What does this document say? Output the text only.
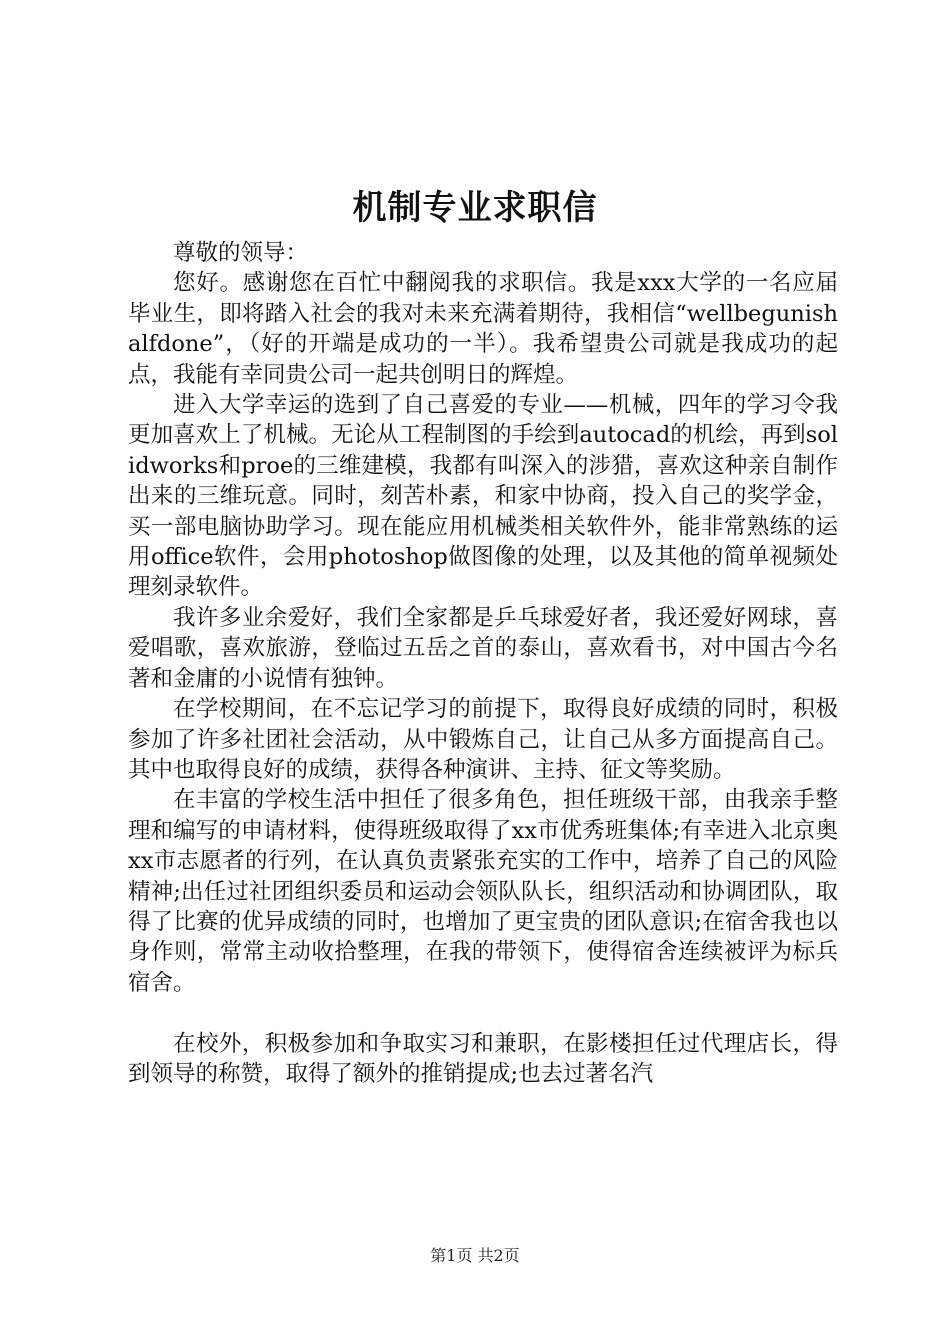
机制专业求职信

尊敬的领导：

您好。感谢您在百忙中翻阅我的求职信。我是xxx大学的一名应届毕业生，即将踏入社会的我对未来充满着期待，我相信“wellbegunishalfdone”，（好的开端是成功的一半）。我希望贵公司就是我成功的起点，我能有幸同贵公司一起共创明日的辉煌。

进入大学幸运的选到了自己喜爱的专业——机械，四年的学习令我更加喜欢上了机械。无论从工程制图的手绘到autocad的机绘，再到solidworks和proe的三维建模，我都有叫深入的涉猎，喜欢这种亲自制作出来的三维玩意。同时，刻苦朴素，和家中协商，投入自己的奖学金，买一部电脑协助学习。现在能应用机械类相关软件外，能非常熟练的运用office软件，会用photoshop做图像的处理，以及其他的简单视频处理刻录软件。

我许多业余爱好，我们全家都是乒乓球爱好者，我还爱好网球，喜爱唱歌，喜欢旅游，登临过五岳之首的泰山，喜欢看书，对中国古今名著和金庸的小说情有独钟。

在学校期间，在不忘记学习的前提下，取得良好成绩的同时，积极参加了许多社团社会活动，从中锻炼自己，让自己从多方面提高自己。其中也取得良好的成绩，获得各种演讲、主持、征文等奖励。

在丰富的学校生活中担任了很多角色，担任班级干部，由我亲手整理和编写的申请材料，使得班级取得了xx市优秀班集体;有幸进入北京奥xx市志愿者的行列，在认真负责紧张充实的工作中，培养了自己的风险精神;出任过社团组织委员和运动会领队队长，组织活动和协调团队，取得了比赛的优异成绩的同时，也增加了更宝贵的团队意识;在宿舍我也以身作则，常常主动收拾整理，在我的带领下，使得宿舍连续被评为标兵宿舍。

在校外，积极参加和争取实习和兼职，在影楼担任过代理店长，得到领导的称赞，取得了额外的推销提成;也去过著名汽

第1页 共2页
